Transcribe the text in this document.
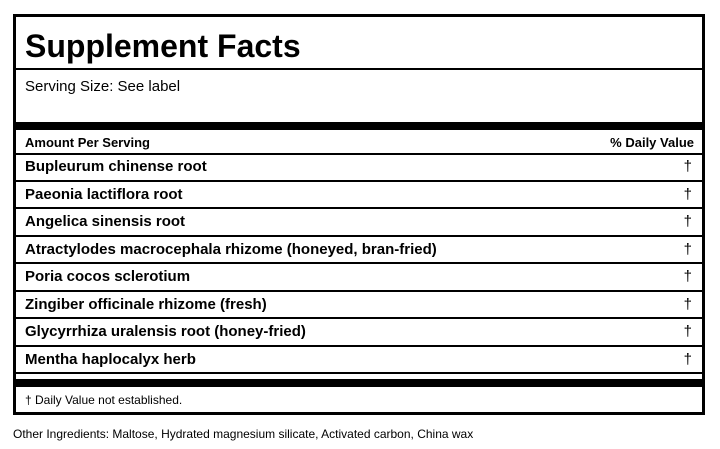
Supplement Facts
Serving Size: See label
Amount Per Serving	% Daily Value
Bupleurum chinense root	†
Paeonia lactiflora root	†
Angelica sinensis root	†
Atractylodes macrocephala rhizome (honeyed, bran-fried)	†
Poria cocos sclerotium	†
Zingiber officinale rhizome (fresh)	†
Glycyrrhiza uralensis root (honey-fried)	†
Mentha haplocalyx herb	†
† Daily Value not established.
Other Ingredients: Maltose, Hydrated magnesium silicate, Activated carbon, China wax
